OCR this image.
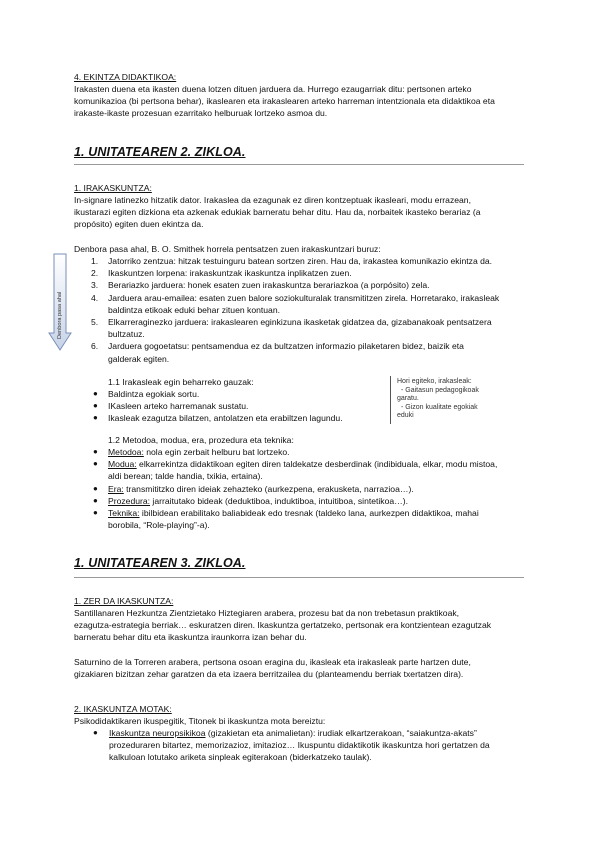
4. EKINTZA DIDAKTIKOA:
Irakasten duena eta ikasten duena lotzen dituen jarduera da. Hurrego ezaugarriak ditu: pertsonen arteko
komunikazioa (bi pertsona behar), ikaslearen eta irakaslearen arteko harreman intentzionala eta didaktikoa eta
irakaste-ikaste prozesuan ezarritako helburuak lortzeko asmoa du.
1. UNITATEAREN 2. ZIKLOA.
1. IRAKASKUNTZA:
In-signare latinezko hitzatik dator. Irakaslea da ezagunak ez diren kontzeptuak ikasleari, modu errazean,
ikustarazi egiten dizkiona eta azkenak edukiak barneratu behar ditu. Hau da, norbaitek ikasteko berariaz (a
propósito) egiten duen ekintza da.
Denbora pasa ahal, B. O. Smithek horrela pentsatzen zuen irakaskuntzari buruz:
Denbora pasa ahal
1. Jatorriko zentzua: hitzak testuinguru batean sortzen ziren. Hau da, irakastea komunikazio ekintza da.
2. Ikaskuntzen lorpena: irakaskuntzak ikaskuntza inplikatzen zuen.
3. Berariazko jarduera: honek esaten zuen irakaskuntza berariazkoa (a porpósito) zela.
4. Jarduera arau-emailea: esaten zuen balore soziokulturalak transmititzen zirela. Horretarako, irakasleak
baldintza etikoak eduki behar zituen kontuan.
5. Elkarreraginezko jarduera: irakaslearen eginkizuna ikasketak gidatzea da, gizabanakoak pentsatzera
bultzatuz.
6. Jarduera gogoetatsu: pentsamendua ez da bultzatzen informazio pilaketaren bidez, baizik eta
galderak egiten.
1.1 Irakasleak egin beharreko gauzak:
● Baldintza egokiak sortu.
● IKasleen arteko harremanak sustatu.
● Ikasleak ezagutza bilatzen, antolatzen eta erabiltzen lagundu.
Hori egiteko, irakasleak:
- Gaitasun pedagogikoak
garatu.
- Gizon kualitate egokiak
eduki
1.2 Metodoa, modua, era, prozedura eta teknika:
● Metodoa: nola egin zerbait helburu bat lortzeko.
● Modua: elkarrekintza didaktikoan egiten diren taldekatze desberdinak (indibiduala, elkar, modu mistoa,
aldi berean; talde handia, txikia, ertaina).
● Era: transmititzko diren ideiak zehazteko (aurkezpena, erakusketa, narrazioa…).
● Prozedura: jarraitutako bideak (deduktiboa, induktiboa, intuitiboa, sintetikoa…).
● Teknika: ibilbidean erabilitako baliabideak edo tresnak (taldeko lana, aurkezpen didaktikoa, mahai
borobila, “Role-playing”-a).
1. UNITATEAREN 3. ZIKLOA.
1. ZER DA IKASKUNTZA:
Santillanaren Hezkuntza Zientzietako Hiztegiaren arabera, prozesu bat da non trebetasun praktikoak,
ezagutza-estrategia berriak… eskuratzen diren. Ikaskuntza gertatzeko, pertsonak era kontzientean ezagutzak
barneratu behar ditu eta ikaskuntza iraunkorra izan behar du.
Saturnino de la Torreren arabera, pertsona osoan eragina du, ikasleak eta irakasleak parte hartzen dute,
gizakiaren bizitzan zehar garatzen da eta izaera berritzailea du (planteamendu berriak txertatzen dira).
2. IKASKUNTZA MOTAK:
Psikodidaktikaren ikuspegitik, Titonek bi ikaskuntza mota bereiztu:
● Ikaskuntza neuropsikikoa (gizakietan eta animalietan): irudiak elkartzerakoan, “saiakuntza-akats”
prozeduraren bitartez, memorizazioz, imitazioz… Ikuspuntu didaktikotik ikaskuntza hori gertatzen da
kalkuloan lotutako ariketa sinpleak egiterakoan (biderkatzeko taulak).
